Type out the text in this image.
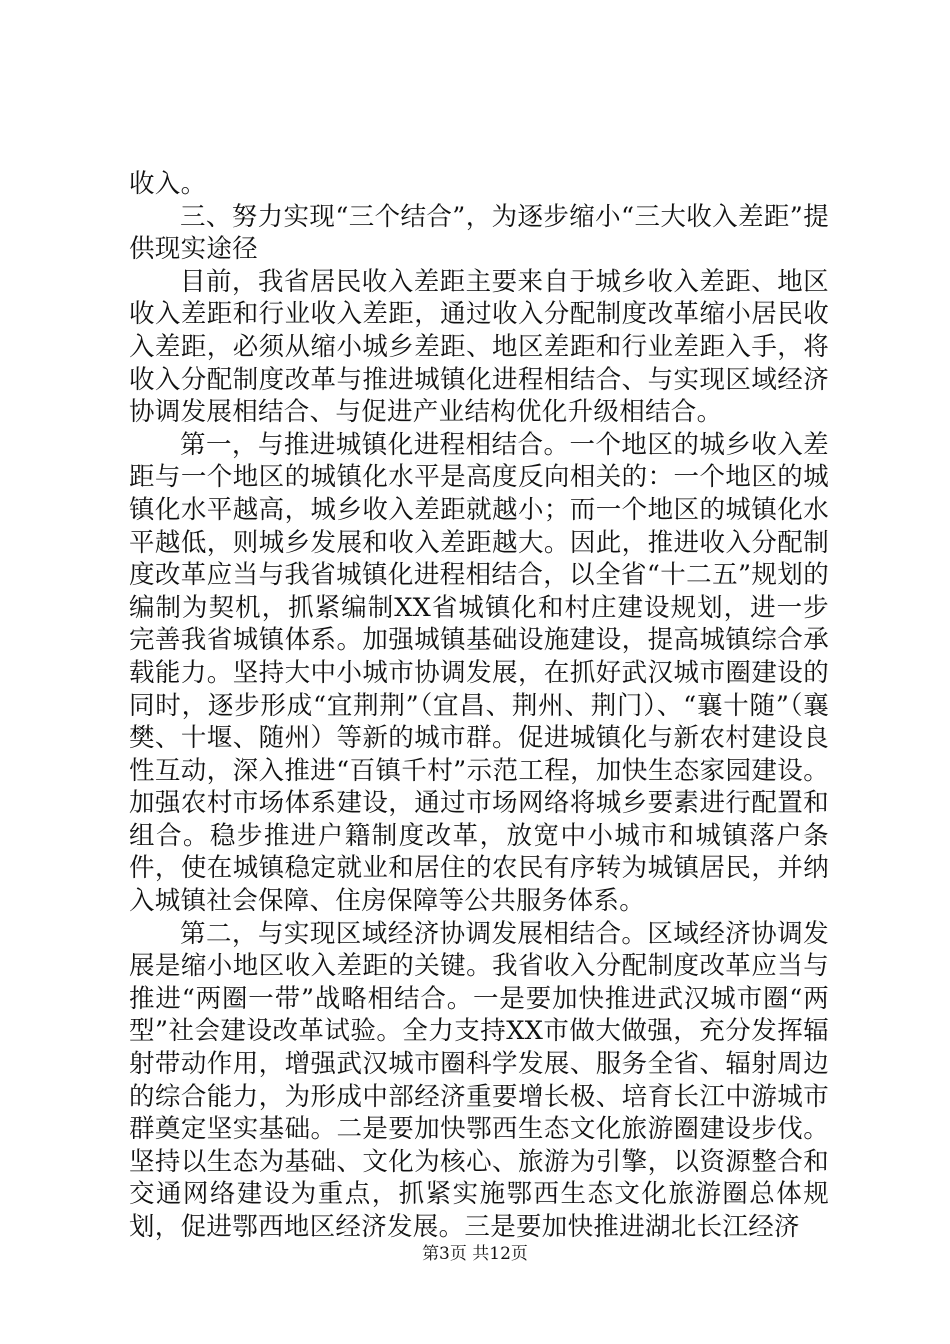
收入。

三、努力实现“三个结合”，为逐步缩小“三大收入差距”提供现实途径

目前，我省居民收入差距主要来自于城乡收入差距、地区收入差距和行业收入差距，通过收入分配制度改革缩小居民收入差距，必须从缩小城乡差距、地区差距和行业差距入手，将收入分配制度改革与推进城镇化进程相结合、与实现区域经济协调发展相结合、与促进产业结构优化升级相结合。

第一，与推进城镇化进程相结合。一个地区的城乡收入差距与一个地区的城镇化水平是高度反向相关的：一个地区的城镇化水平越高，城乡收入差距就越小；而一个地区的城镇化水平越低，则城乡发展和收入差距越大。因此，推进收入分配制度改革应当与我省城镇化进程相结合，以全省“十二五”规划的编制为契机，抓紧编制XX省城镇化和村庄建设规划，进一步完善我省城镇体系。加强城镇基础设施建设，提高城镇综合承载能力。坚持大中小城市协调发展，在抓好武汉城市圈建设的同时，逐步形成“宜荆荆”（宜昌、荆州、荆门）、“襄十随”（襄樊、十堰、随州）等新的城市群。促进城镇化与新农村建设良性互动，深入推进“百镇千村”示范工程，加快生态家园建设。加强农村市场体系建设，通过市场网络将城乡要素进行配置和组合。稳步推进户籍制度改革，放宽中小城市和城镇落户条件，使在城镇稳定就业和居住的农民有序转为城镇居民，并纳入城镇社会保障、住房保障等公共服务体系。

第二，与实现区域经济协调发展相结合。区域经济协调发展是缩小地区收入差距的关键。我省收入分配制度改革应当与推进“两圈一带”战略相结合。一是要加快推进武汉城市圈“两型”社会建设改革试验。全力支持XX市做大做强，充分发挥辐射带动作用，增强武汉城市圈科学发展、服务全省、辐射周边的综合能力，为形成中部经济重要增长极、培育长江中游城市群奠定坚实基础。二是要加快鄂西生态文化旅游圈建设步伐。坚持以生态为基础、文化为核心、旅游为引擎，以资源整合和交通网络建设为重点，抓紧实施鄂西生态文化旅游圈总体规划，促进鄂西地区经济发展。三是要加快推进湖北长江经济

第3页 共12页
